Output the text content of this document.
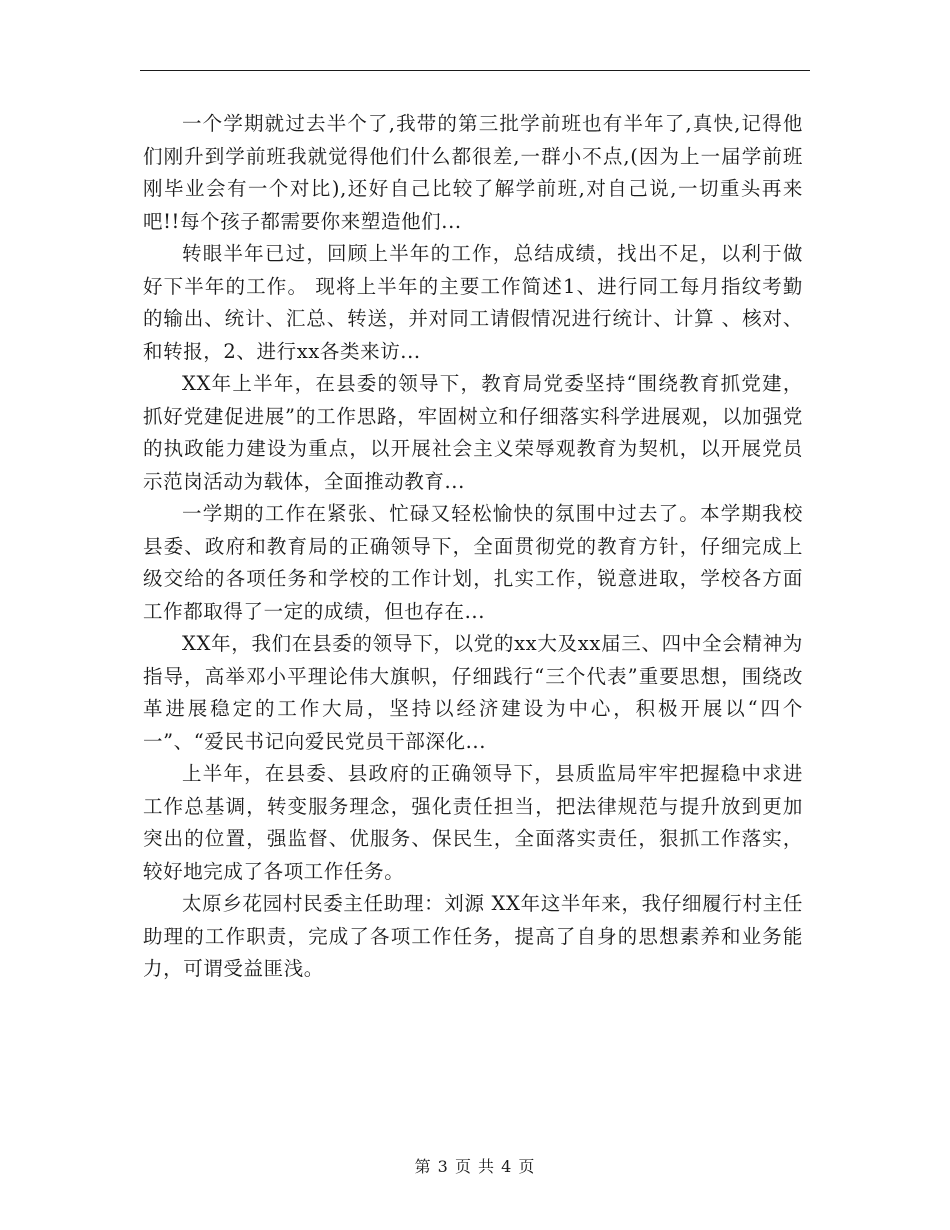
一个学期就过去半个了,我带的第三批学前班也有半年了,真快,记得他们刚升到学前班我就觉得他们什么都很差,一群小不点,(因为上一届学前班刚毕业会有一个对比),还好自己比较了解学前班,对自己说,一切重头再来吧!!每个孩子都需要你来塑造他们...

转眼半年已过，回顾上半年的工作，总结成绩，找出不足，以利于做好下半年的工作。 现将上半年的主要工作简述1、进行同工每月指纹考勤的输出、统计、汇总、转送，并对同工请假情况进行统计、计算 、核对、和转报，2、进行xx各类来访...

XX年上半年，在县委的领导下，教育局党委坚持“围绕教育抓党建，抓好党建促进展”的工作思路，牢固树立和仔细落实科学进展观，以加强党的执政能力建设为重点，以开展社会主义荣辱观教育为契机，以开展党员示范岗活动为载体，全面推动教育...

一学期的工作在紧张、忙碌又轻松愉快的氛围中过去了。本学期我校县委、政府和教育局的正确领导下，全面贯彻党的教育方针，仔细完成上级交给的各项任务和学校的工作计划，扎实工作，锐意进取，学校各方面工作都取得了一定的成绩，但也存在...

XX年，我们在县委的领导下，以党的xx大及xx届三、四中全会精神为指导，高举邓小平理论伟大旗帜，仔细践行“三个代表”重要思想，围绕改革进展稳定的工作大局，坚持以经济建设为中心，积极开展以“四个一”、“爱民书记向爱民党员干部深化...

上半年，在县委、县政府的正确领导下，县质监局牢牢把握稳中求进工作总基调，转变服务理念，强化责任担当，把法律规范与提升放到更加突出的位置，强监督、优服务、保民生，全面落实责任，狠抓工作落实，较好地完成了各项工作任务。

太原乡花园村民委主任助理：刘源 XX年这半年来，我仔细履行村主任助理的工作职责，完成了各项工作任务，提高了自身的思想素养和业务能力，可谓受益匪浅。

第 3 页 共 4 页
